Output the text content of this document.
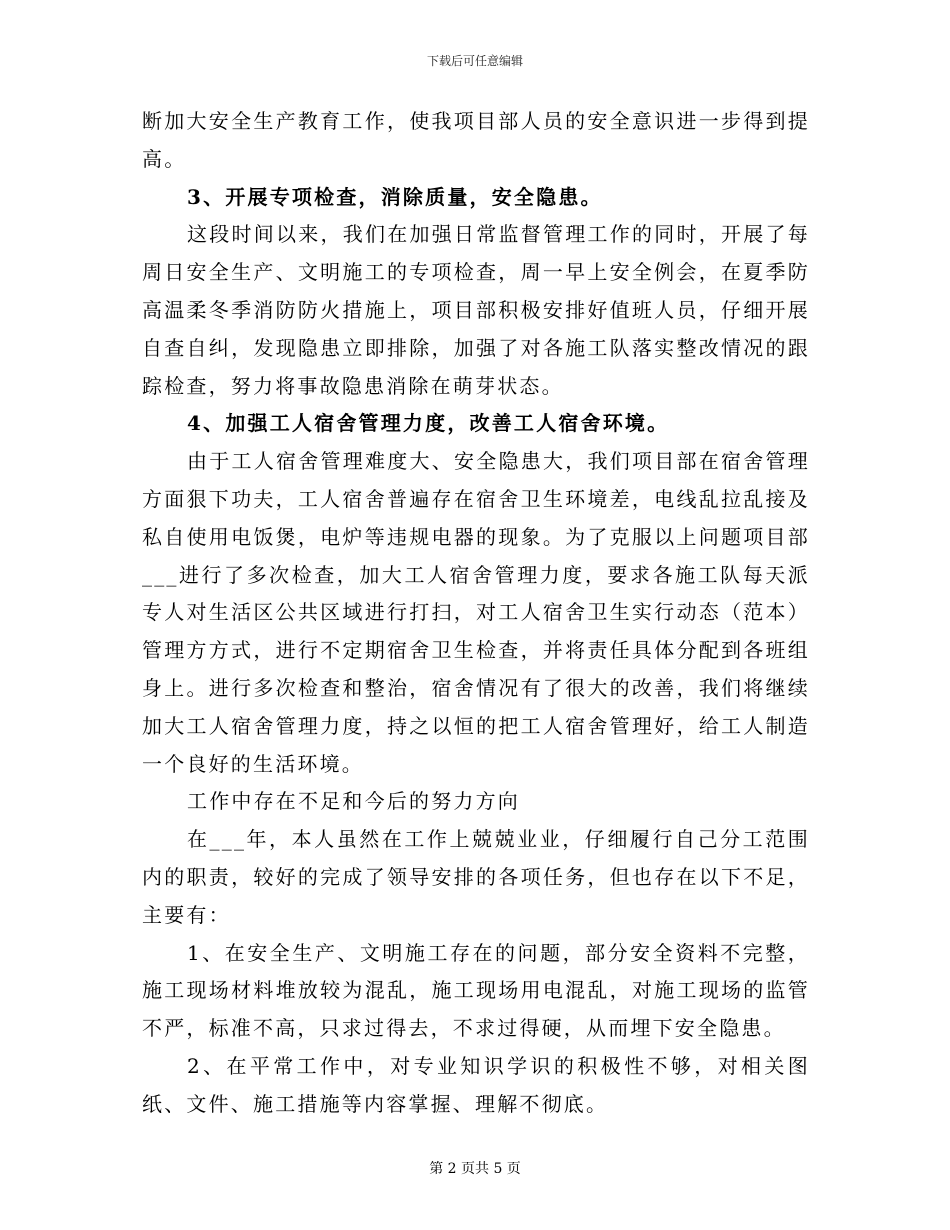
下载后可任意编辑

断加大安全生产教育工作，使我项目部人员的安全意识进一步得到提高。

3、开展专项检查，消除质量，安全隐患。

这段时间以来，我们在加强日常监督管理工作的同时，开展了每周日安全生产、文明施工的专项检查，周一早上安全例会，在夏季防高温柔冬季消防防火措施上，项目部积极安排好值班人员，仔细开展自查自纠，发现隐患立即排除，加强了对各施工队落实整改情况的跟踪检查，努力将事故隐患消除在萌芽状态。

4、加强工人宿舍管理力度，改善工人宿舍环境。

由于工人宿舍管理难度大、安全隐患大，我们项目部在宿舍管理方面狠下功夫，工人宿舍普遍存在宿舍卫生环境差，电线乱拉乱接及私自使用电饭煲，电炉等违规电器的现象。为了克服以上问题项目部___进行了多次检查，加大工人宿舍管理力度，要求各施工队每天派专人对生活区公共区域进行打扫，对工人宿舍卫生实行动态（范本）管理方方式，进行不定期宿舍卫生检查，并将责任具体分配到各班组身上。进行多次检查和整治，宿舍情况有了很大的改善，我们将继续加大工人宿舍管理力度，持之以恒的把工人宿舍管理好，给工人制造一个良好的生活环境。

工作中存在不足和今后的努力方向

在___年，本人虽然在工作上兢兢业业，仔细履行自己分工范围内的职责，较好的完成了领导安排的各项任务，但也存在以下不足，主要有：

1、在安全生产、文明施工存在的问题，部分安全资料不完整，施工现场材料堆放较为混乱，施工现场用电混乱，对施工现场的监管不严，标准不高，只求过得去，不求过得硬，从而埋下安全隐患。

2、在平常工作中，对专业知识学识的积极性不够，对相关图纸、文件、施工措施等内容掌握、理解不彻底。

第 2 页共 5 页
